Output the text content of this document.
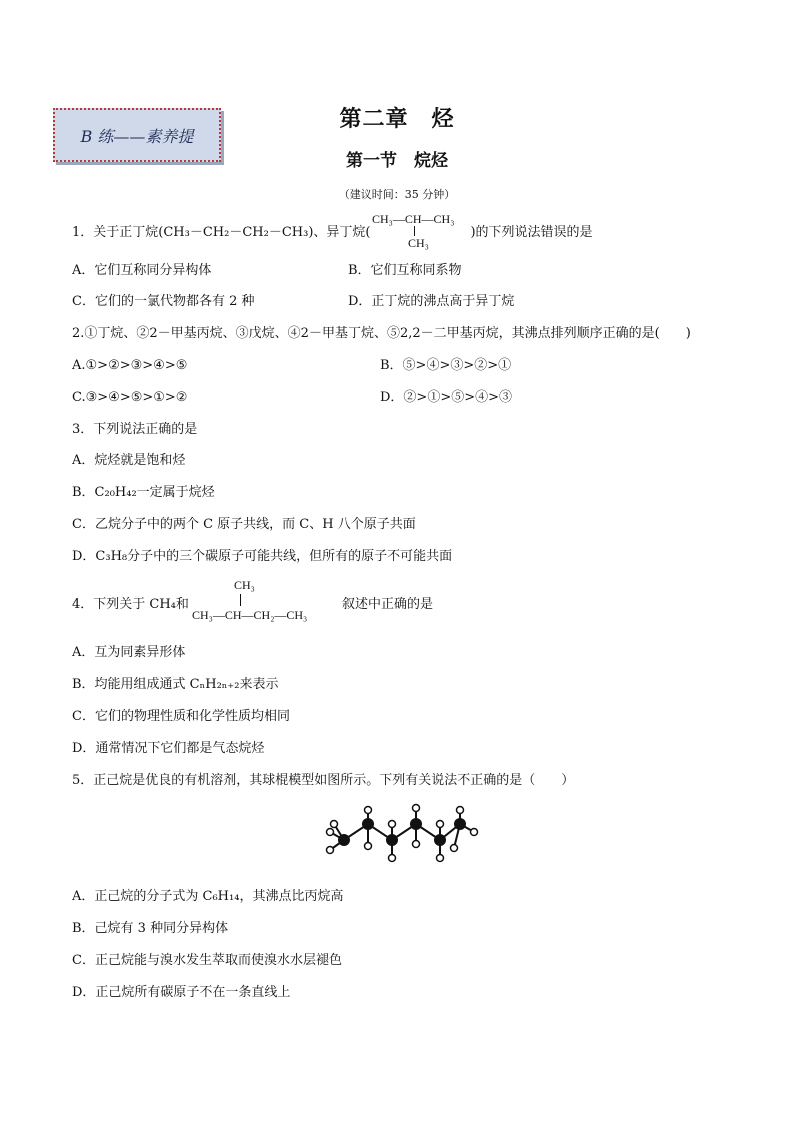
B 练——素养提
第二章　烃
第一节　烷烃
（建议时间：35 分钟）
1．关于正丁烷(CH₃－CH₂－CH₂－CH₃)、异丁烷(	)的下列说法错误的是
CH₃—CH—CH₃
CH₃
A．它们互称同分异构体	B．它们互称同系物
C．它们的一氯代物都各有 2 种	D．正丁烷的沸点高于异丁烷
2.①丁烷、②2－甲基丙烷、③戊烷、④2－甲基丁烷、⑤2,2－二甲基丙烷，其沸点排列顺序正确的是(　　)
A.①>②>③>④>⑤	B．⑤>④>③>②>①
C.③>④>⑤>①>②	D．②>①>⑤>④>③
3．下列说法正确的是
A．烷烃就是饱和烃
B．C₂₀H₄₂一定属于烷烃
C．乙烷分子中的两个 C 原子共线，而 C、H 八个原子共面
D．C₃H₈分子中的三个碳原子可能共线，但所有的原子不可能共面
4．下列关于 CH₄和
CH₃
CH₃—CH—CH₂—CH₃
叙述中正确的是
A．互为同素异形体
B．均能用组成通式 CₙH₂ₙ₊₂来表示
C．它们的物理性质和化学性质均相同
D．通常情况下它们都是气态烷烃
5．正己烷是优良的有机溶剂，其球棍模型如图所示。下列有关说法不正确的是（　　）
A．正己烷的分子式为 C₆H₁₄，其沸点比丙烷高
B．己烷有 3 种同分异构体
C．正己烷能与溴水发生萃取而使溴水水层褪色
D．正己烷所有碳原子不在一条直线上
